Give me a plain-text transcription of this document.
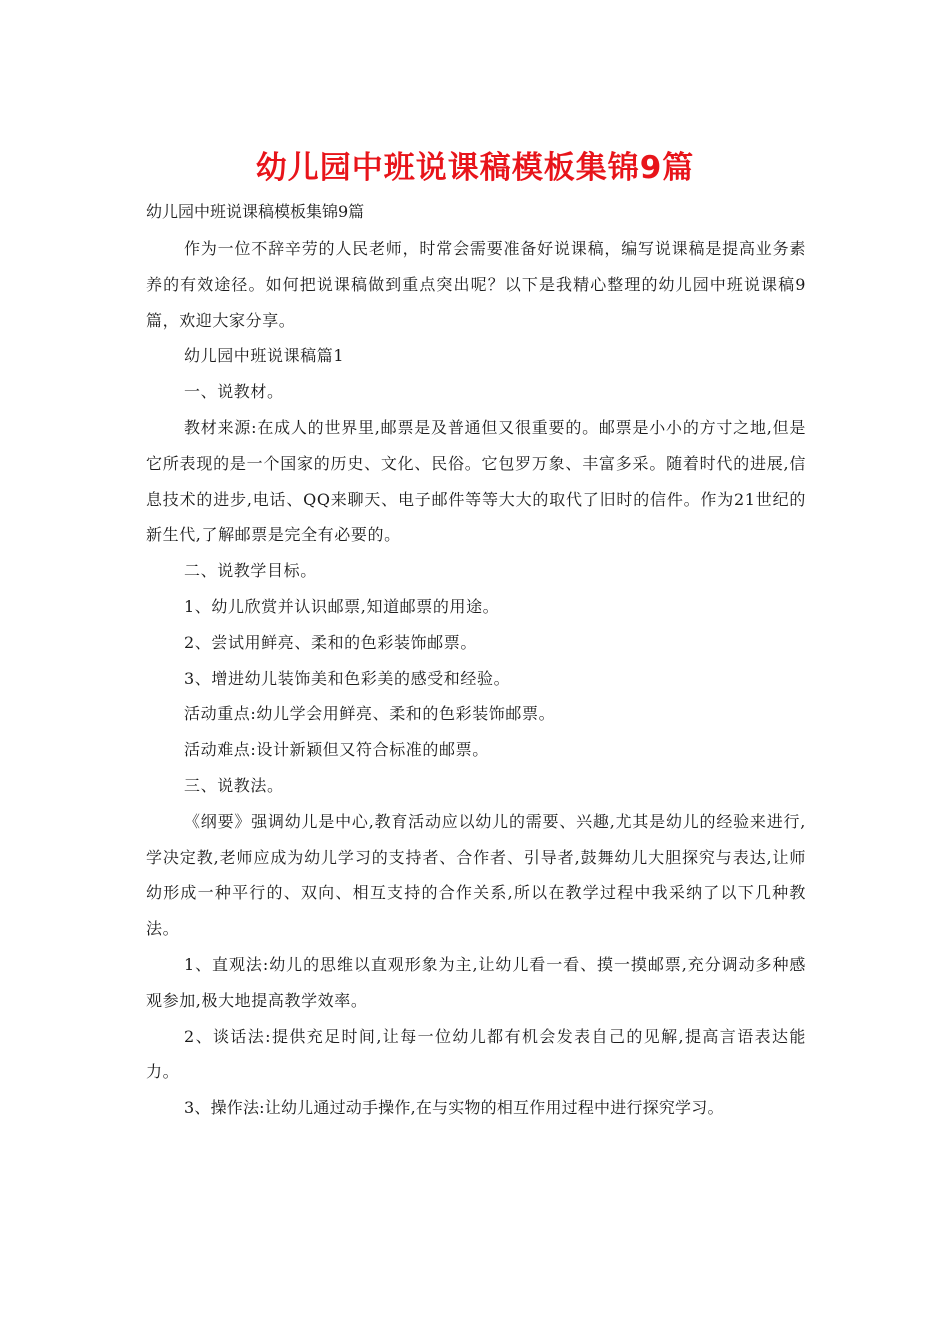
幼儿园中班说课稿模板集锦9篇

幼儿园中班说课稿模板集锦9篇

作为一位不辞辛劳的人民老师，时常会需要准备好说课稿，编写说课稿是提高业务素养的有效途径。如何把说课稿做到重点突出呢？以下是我精心整理的幼儿园中班说课稿9篇，欢迎大家分享。

幼儿园中班说课稿篇1

一、说教材。

教材来源:在成人的世界里,邮票是及普通但又很重要的。邮票是小小的方寸之地,但是它所表现的是一个国家的历史、文化、民俗。它包罗万象、丰富多采。随着时代的进展,信息技术的进步,电话、QQ来聊天、电子邮件等等大大的取代了旧时的信件。作为21世纪的新生代,了解邮票是完全有必要的。

二、说教学目标。

1、幼儿欣赏并认识邮票,知道邮票的用途。

2、尝试用鲜亮、柔和的色彩装饰邮票。

3、增进幼儿装饰美和色彩美的感受和经验。

活动重点:幼儿学会用鲜亮、柔和的色彩装饰邮票。

活动难点:设计新颖但又符合标准的邮票。

三、说教法。

《纲要》强调幼儿是中心,教育活动应以幼儿的需要、兴趣,尤其是幼儿的经验来进行,学决定教,老师应成为幼儿学习的支持者、合作者、引导者,鼓舞幼儿大胆探究与表达,让师幼形成一种平行的、双向、相互支持的合作关系,所以在教学过程中我采纳了以下几种教法。

1、直观法:幼儿的思维以直观形象为主,让幼儿看一看、摸一摸邮票,充分调动多种感观参加,极大地提高教学效率。

2、谈话法:提供充足时间,让每一位幼儿都有机会发表自己的见解,提高言语表达能力。

3、操作法:让幼儿通过动手操作,在与实物的相互作用过程中进行探究学习。
